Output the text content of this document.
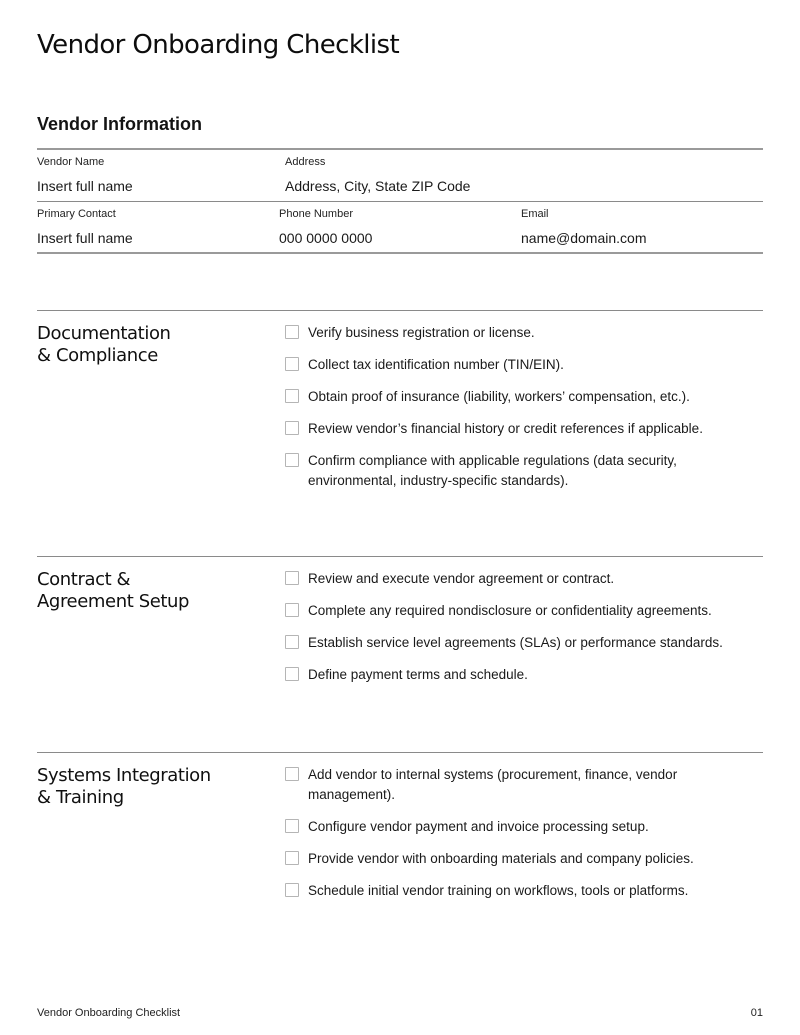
Vendor Onboarding Checklist
Vendor Information
Vendor Name
Insert full name
Address
Address, City, State ZIP Code
Primary Contact
Insert full name
Phone Number
000 0000 0000
Email
name@domain.com
Documentation
& Compliance
Verify business registration or license.
Collect tax identification number (TIN/EIN).
Obtain proof of insurance (liability, workers’ compensation, etc.).
Review vendor’s financial history or credit references if applicable.
Confirm compliance with applicable regulations (data security, environmental, industry-specific standards).
Contract &
Agreement Setup
Review and execute vendor agreement or contract.
Complete any required nondisclosure or confidentiality agreements.
Establish service level agreements (SLAs) or performance standards.
Define payment terms and schedule.
Systems Integration
& Training
Add vendor to internal systems (procurement, finance, vendor management).
Configure vendor payment and invoice processing setup.
Provide vendor with onboarding materials and company policies.
Schedule initial vendor training on workflows, tools or platforms.
Vendor Onboarding Checklist	01
